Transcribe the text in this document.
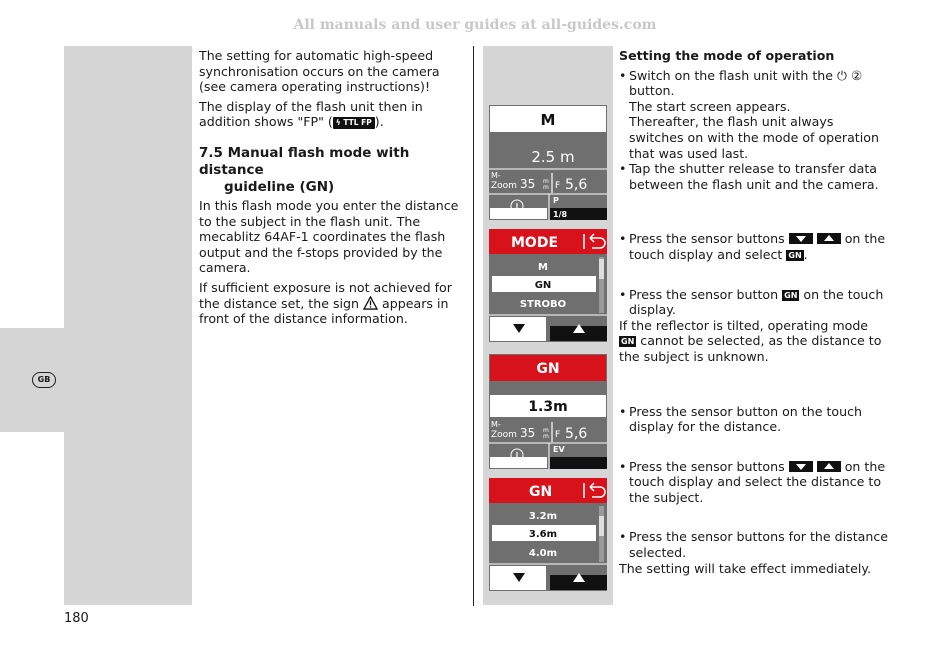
All manuals and user guides at all-guides.com
GB

The setting for automatic high-speed synchronisation occurs on the camera (see camera operating instructions)!

The display of the flash unit then in addition shows "FP" ( ϟ TTL FP ).

7.5 Manual flash mode with distance
guideline (GN)

In this flash mode you enter the distance to the subject in the flash unit. The mecablitz 64AF-1 coordinates the flash output and the f-stops provided by the camera.

If sufficient exposure is not achieved for the distance set, the sign appears in front of the distance information.

M
2.5 m
M-
Zoom 35 m
m F 5,6
P
1/8
MODE
M
GN
STROBO
GN
1.3m
M-
Zoom 35 m
m F 5,6
EV
GN
3.2m
3.6m
4.0m

Setting the mode of operation

• Switch on the flash unit with the ⏻ ② button.
The start screen appears.
Thereafter, the flash unit always switches on with the mode of operation that was used last.

• Tap the shutter release to transfer data between the flash unit and the camera.

• Press the sensor buttons	on the touch display and select GN .

• Press the sensor button GN on the touch display.

If the reflector is tilted, operating mode GN cannot be selected, as the distance to the subject is unknown.

• Press the sensor button on the touch display for the distance.

• Press the sensor buttons	on the touch display and select the distance to the subject.

• Press the sensor buttons for the distance selected.

The setting will take effect immediately.

180
